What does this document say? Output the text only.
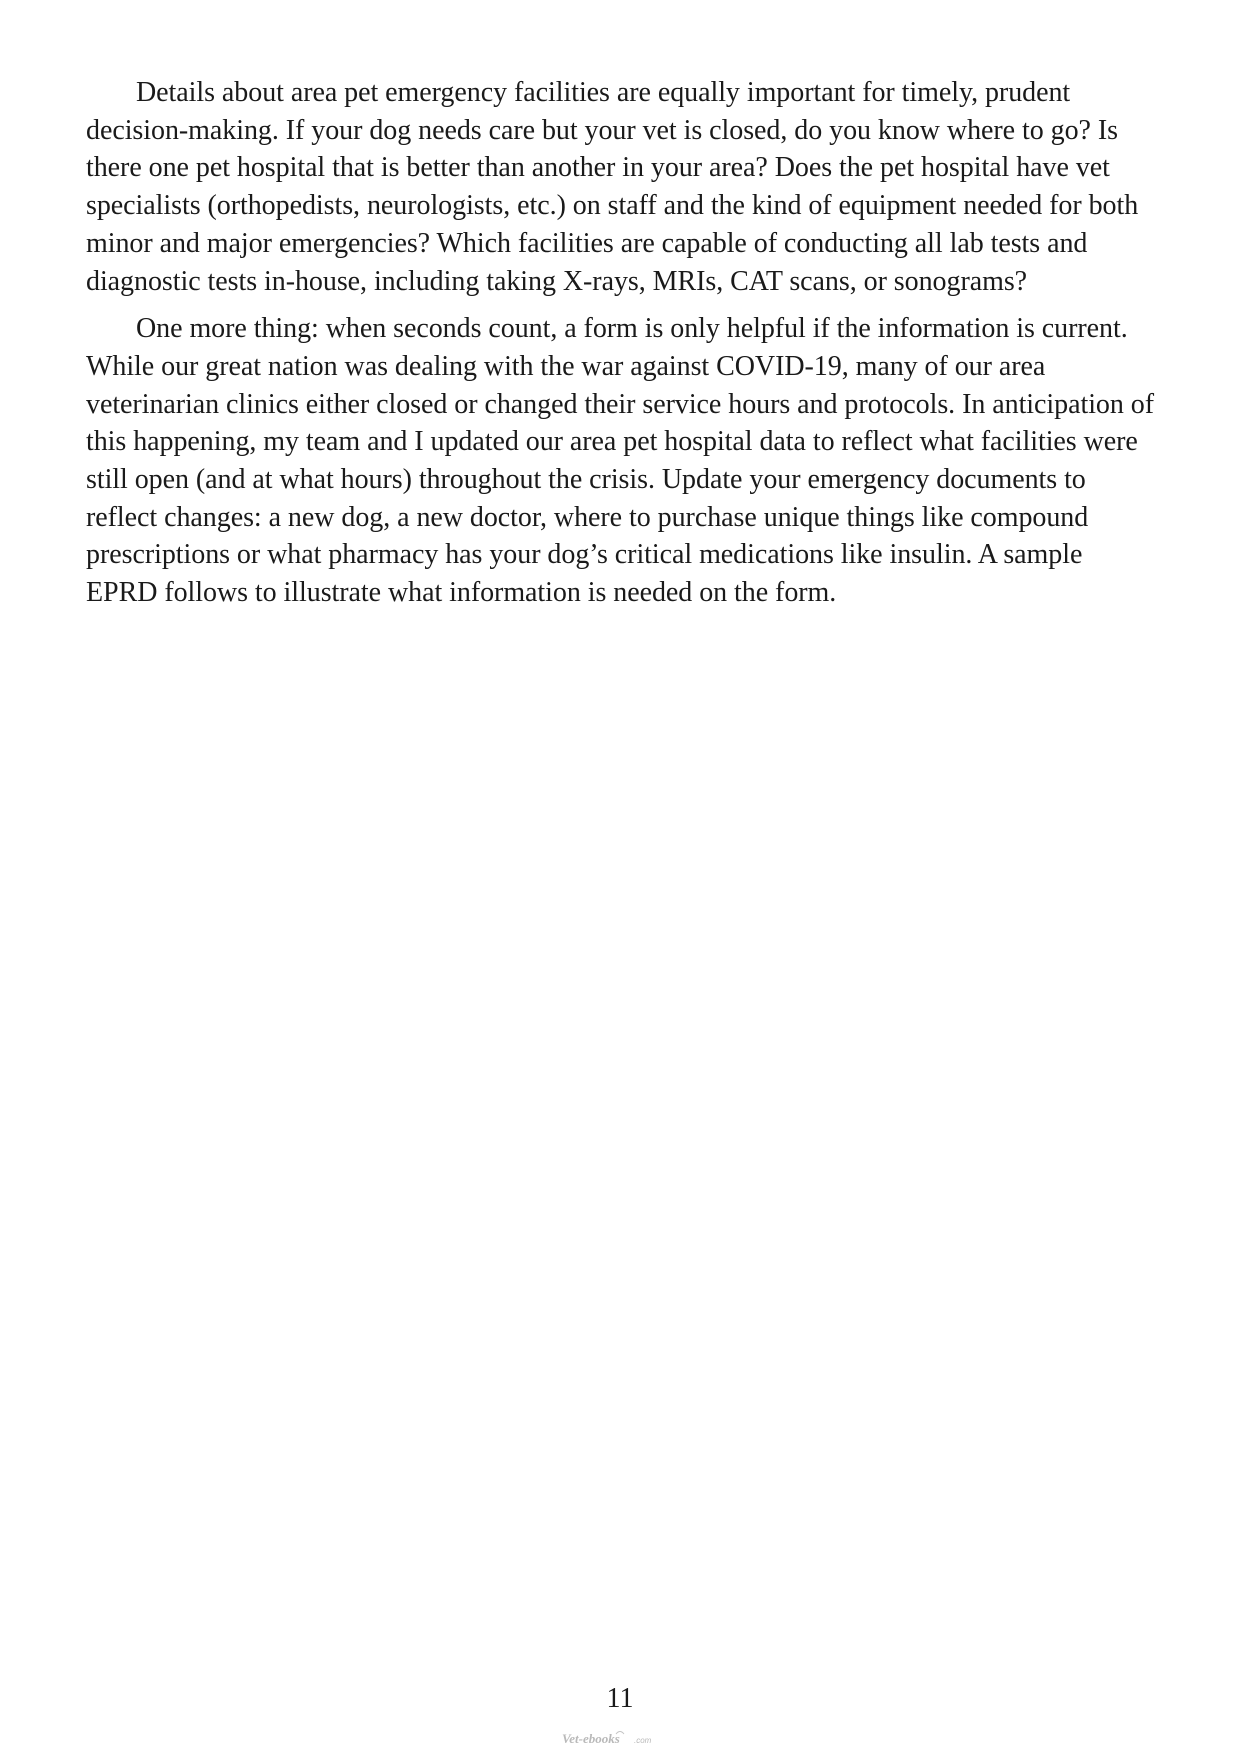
Details about area pet emergency facilities are equally important for timely, prudent decision-making. If your dog needs care but your vet is closed, do you know where to go? Is there one pet hospital that is better than another in your area? Does the pet hospital have vet specialists (orthopedists, neurologists, etc.) on staff and the kind of equipment needed for both minor and major emergencies? Which facilities are capable of conducting all lab tests and diagnostic tests in-house, including taking X-rays, MRIs, CAT scans, or sonograms?

One more thing: when seconds count, a form is only helpful if the information is current. While our great nation was dealing with the war against COVID-19, many of our area veterinarian clinics either closed or changed their service hours and protocols. In anticipation of this happening, my team and I updated our area pet hospital data to reflect what facilities were still open (and at what hours) throughout the crisis. Update your emergency documents to reflect changes: a new dog, a new doctor, where to purchase unique things like compound prescriptions or what pharmacy has your dog’s critical medications like insulin. A sample EPRD follows to illustrate what information is needed on the form.

11
Vet-ebooks .com
